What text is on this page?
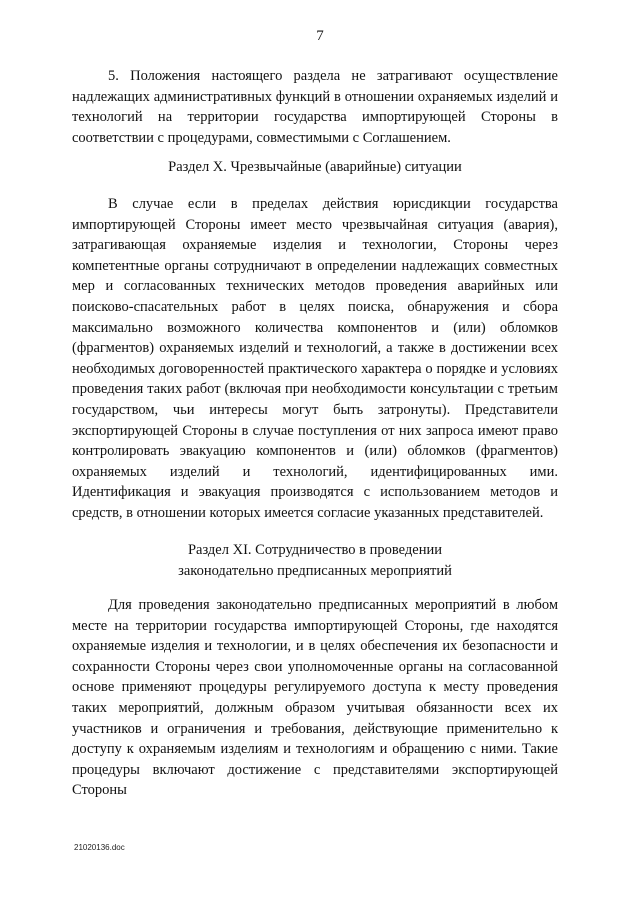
7

5. Положения настоящего раздела не затрагивают осуществление надлежащих административных функций в отношении охраняемых изделий и технологий на территории государства импортирующей Стороны в соответствии с процедурами, совместимыми с Соглашением.

Раздел X. Чрезвычайные (аварийные) ситуации

В случае если в пределах действия юрисдикции государства импортирующей Стороны имеет место чрезвычайная ситуация (авария), затрагивающая охраняемые изделия и технологии, Стороны через компетентные органы сотрудничают в определении надлежащих совместных мер и согласованных технических методов проведения аварийных или поисково-спасательных работ в целях поиска, обнаружения и сбора максимально возможного количества компонентов и (или) обломков (фрагментов) охраняемых изделий и технологий, а также в достижении всех необходимых договоренностей практического характера о порядке и условиях проведения таких работ (включая при необходимости консультации с третьим государством, чьи интересы могут быть затронуты). Представители экспортирующей Стороны в случае поступления от них запроса имеют право контролировать эвакуацию компонентов и (или) обломков (фрагментов) охраняемых изделий и технологий, идентифицированных ими. Идентификация и эвакуация производятся с использованием методов и средств, в отношении которых имеется согласие указанных представителей.

Раздел XI. Сотрудничество в проведении
законодательно предписанных мероприятий

Для проведения законодательно предписанных мероприятий в любом месте на территории государства импортирующей Стороны, где находятся охраняемые изделия и технологии, и в целях обеспечения их безопасности и сохранности Стороны через свои уполномоченные органы на согласованной основе применяют процедуры регулируемого доступа к месту проведения таких мероприятий, должным образом учитывая обязанности всех их участников и ограничения и требования, действующие применительно к доступу к охраняемым изделиям и технологиям и обращению с ними. Такие процедуры включают достижение с представителями экспортирующей Стороны

21020136.doc
